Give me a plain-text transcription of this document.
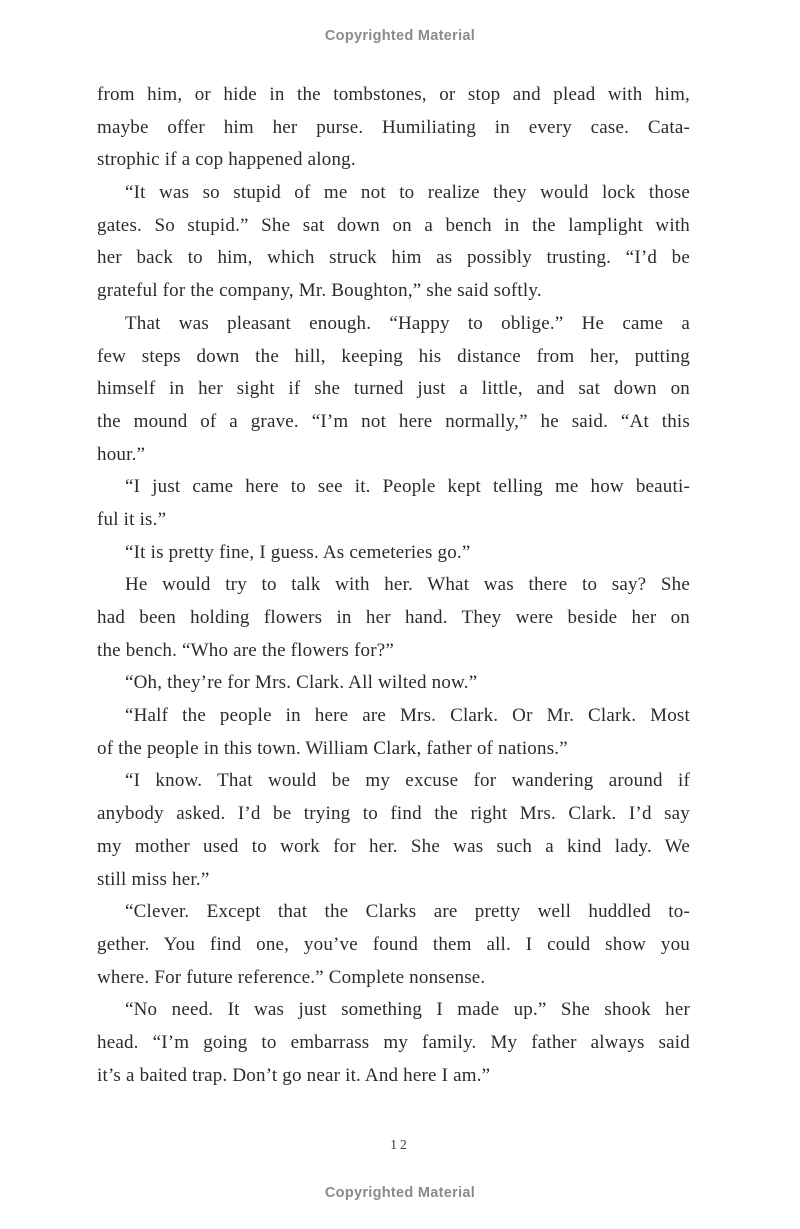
Copyrighted Material
from him, or hide in the tombstones, or stop and plead with him,
maybe offer him her purse. Humiliating in every case. Cata-
strophic if a cop happened along.
“It was so stupid of me not to realize they would lock those
gates. So stupid.” She sat down on a bench in the lamplight with
her back to him, which struck him as possibly trusting. “I’d be
grateful for the company, Mr. Boughton,” she said softly.
That was pleasant enough. “Happy to oblige.” He came a
few steps down the hill, keeping his distance from her, putting
himself in her sight if she turned just a little, and sat down on
the mound of a grave. “I’m not here normally,” he said. “At this
hour.”
“I just came here to see it. People kept telling me how beauti-
ful it is.”
“It is pretty fine, I guess. As cemeteries go.”
He would try to talk with her. What was there to say? She
had been holding flowers in her hand. They were beside her on
the bench. “Who are the flowers for?”
“Oh, they’re for Mrs. Clark. All wilted now.”
“Half the people in here are Mrs. Clark. Or Mr. Clark. Most
of the people in this town. William Clark, father of nations.”
“I know. That would be my excuse for wandering around if
anybody asked. I’d be trying to find the right Mrs. Clark. I’d say
my mother used to work for her. She was such a kind lady. We
still miss her.”
“Clever. Except that the Clarks are pretty well huddled to-
gether. You find one, you’ve found them all. I could show you
where. For future reference.” Complete nonsense.
“No need. It was just something I made up.” She shook her
head. “I’m going to embarrass my family. My father always said
it’s a baited trap. Don’t go near it. And here I am.”
12
Copyrighted Material
